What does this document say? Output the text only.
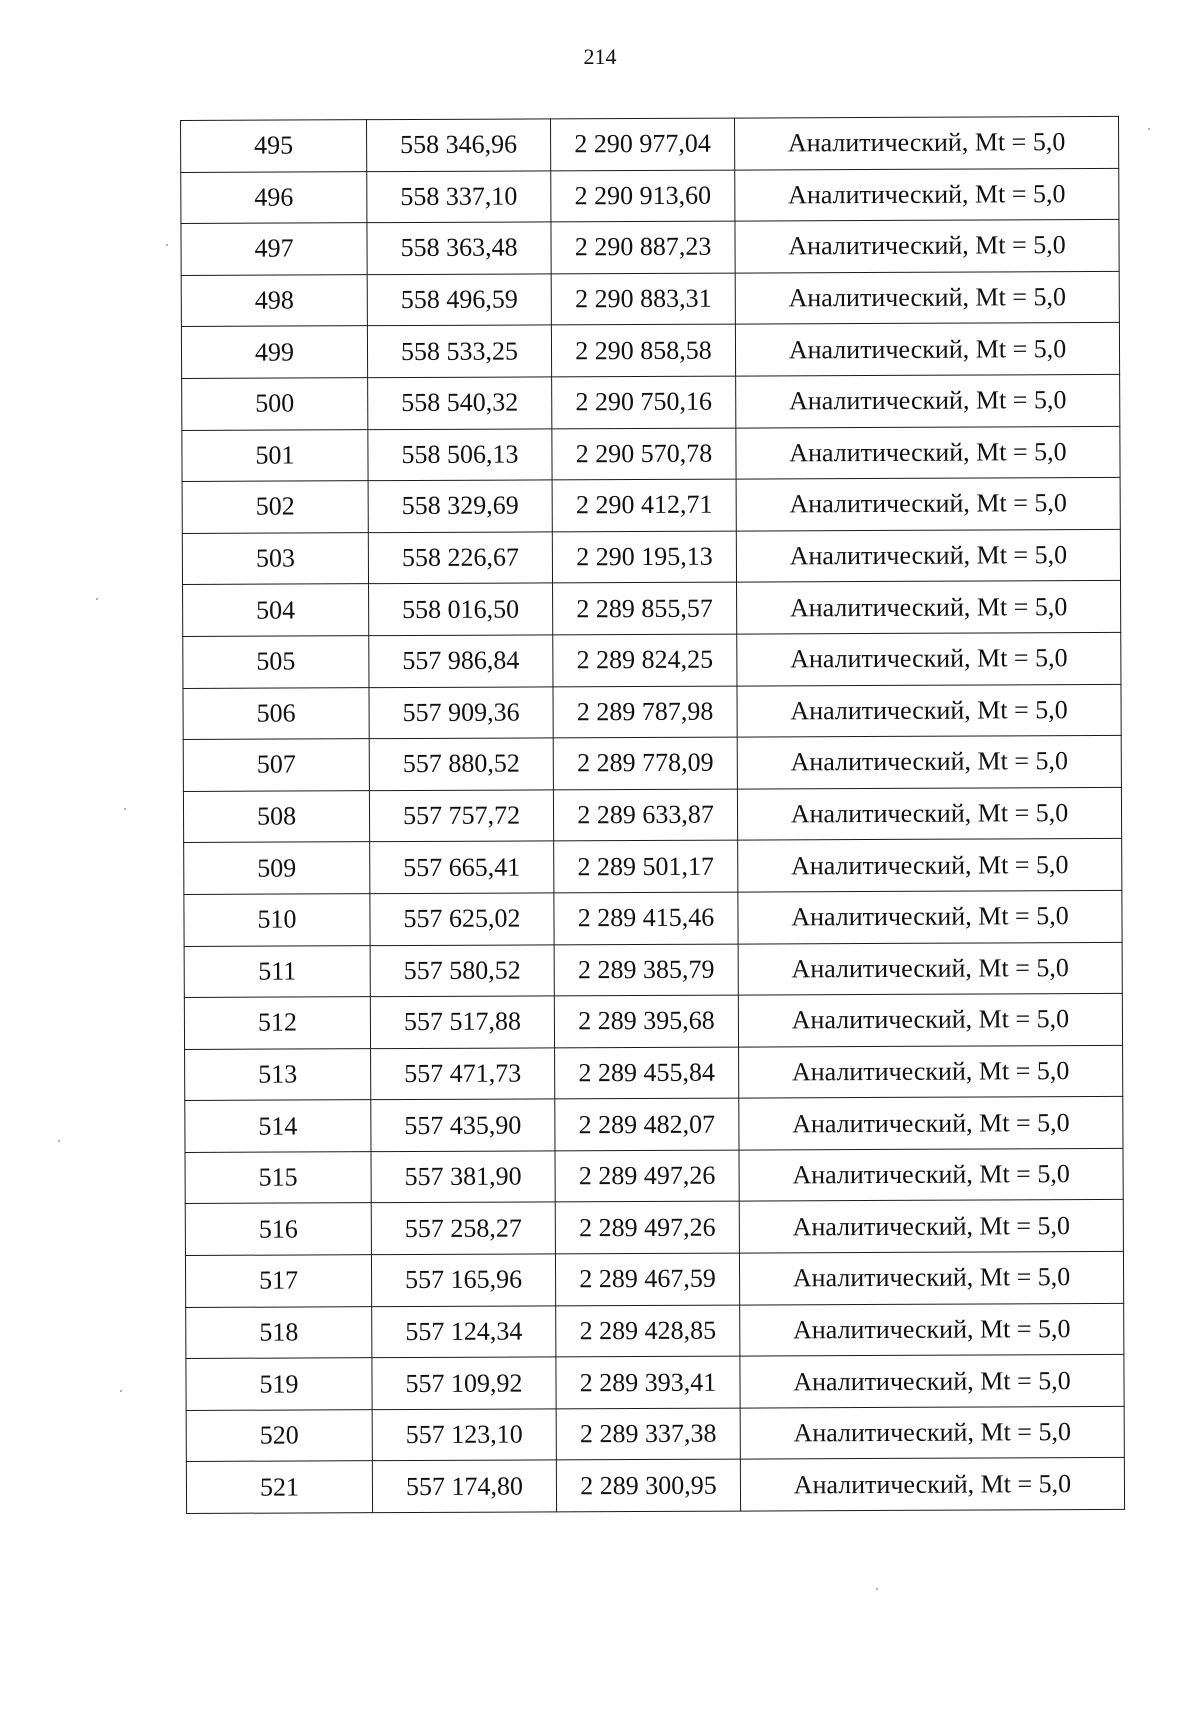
214
495	558 346,96	2 290 977,04	Аналитический, Mt = 5,0
496	558 337,10	2 290 913,60	Аналитический, Mt = 5,0
497	558 363,48	2 290 887,23	Аналитический, Mt = 5,0
498	558 496,59	2 290 883,31	Аналитический, Mt = 5,0
499	558 533,25	2 290 858,58	Аналитический, Mt = 5,0
500	558 540,32	2 290 750,16	Аналитический, Mt = 5,0
501	558 506,13	2 290 570,78	Аналитический, Mt = 5,0
502	558 329,69	2 290 412,71	Аналитический, Mt = 5,0
503	558 226,67	2 290 195,13	Аналитический, Mt = 5,0
504	558 016,50	2 289 855,57	Аналитический, Mt = 5,0
505	557 986,84	2 289 824,25	Аналитический, Mt = 5,0
506	557 909,36	2 289 787,98	Аналитический, Mt = 5,0
507	557 880,52	2 289 778,09	Аналитический, Mt = 5,0
508	557 757,72	2 289 633,87	Аналитический, Mt = 5,0
509	557 665,41	2 289 501,17	Аналитический, Mt = 5,0
510	557 625,02	2 289 415,46	Аналитический, Mt = 5,0
511	557 580,52	2 289 385,79	Аналитический, Mt = 5,0
512	557 517,88	2 289 395,68	Аналитический, Mt = 5,0
513	557 471,73	2 289 455,84	Аналитический, Mt = 5,0
514	557 435,90	2 289 482,07	Аналитический, Mt = 5,0
515	557 381,90	2 289 497,26	Аналитический, Mt = 5,0
516	557 258,27	2 289 497,26	Аналитический, Mt = 5,0
517	557 165,96	2 289 467,59	Аналитический, Mt = 5,0
518	557 124,34	2 289 428,85	Аналитический, Mt = 5,0
519	557 109,92	2 289 393,41	Аналитический, Mt = 5,0
520	557 123,10	2 289 337,38	Аналитический, Mt = 5,0
521	557 174,80	2 289 300,95	Аналитический, Mt = 5,0
